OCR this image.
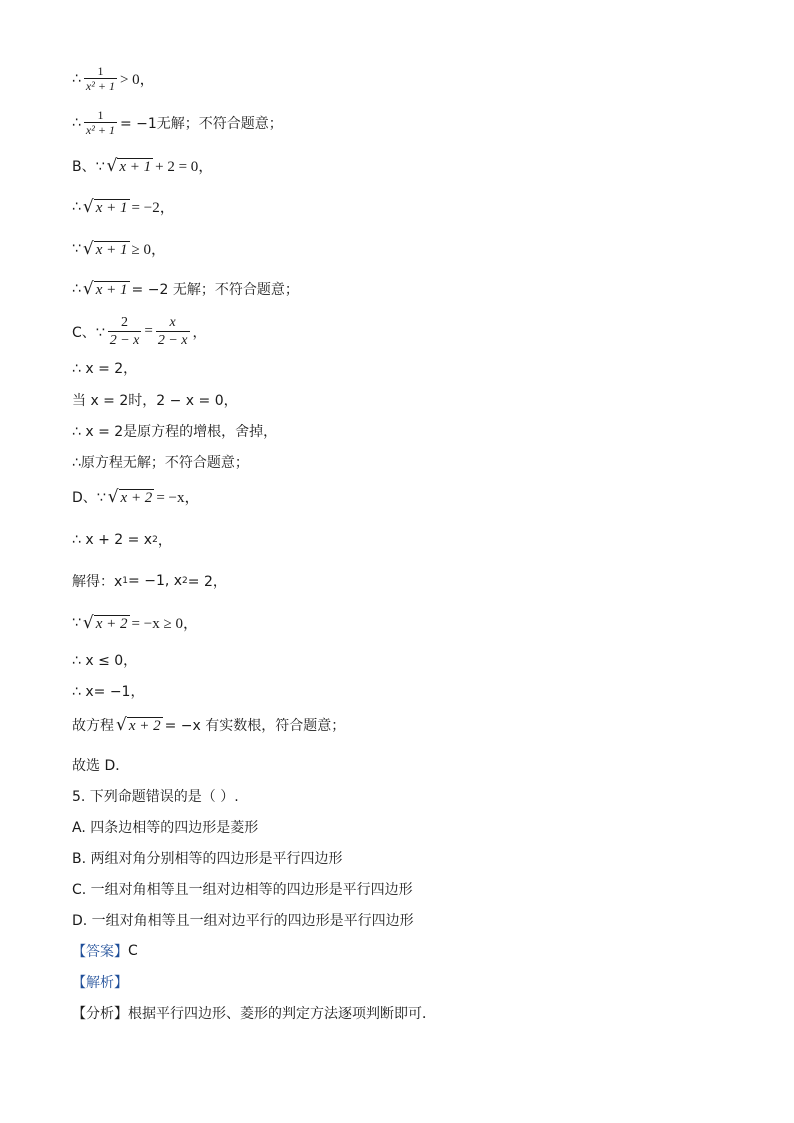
∴ $\frac{1}{\text{x² + 1}} > 0$，
∴ $\frac{1}{\text{x² + 1}} = -1$无解；不符合题意；
B、∵ √ x + 1 + 2 = 0，
∴ √ x + 1 = −2，
∵ √ x + 1 ≥ 0，
∴ √ x + 1 = −2 无解；不符合题意；
C、∵ $\frac{2}{2 - x} = \frac{x}{2 - x}$ ，
∴ x = 2，
当 x = 2时，2 − x = 0，
∴ x = 2是原方程的增根，舍掉，
∴原方程无解；不符合题意；
D、∵ √ x + 2 = −x，
∴ x + 2 = x 2 ，
解得：x 1 = −1, x 2 = 2，
∵ √ x + 2 = −x ≥ 0，
∴ x ≤ 0，
∴ x= −1，
故方程 √ x + 2 = −x 有实数根，符合题意；
故选 D．
5. 下列命题错误的是（ ）.
A. 四条边相等的四边形是菱形
B. 两组对角分别相等的四边形是平行四边形
C. 一组对角相等且一组对边相等的四边形是平行四边形
D. 一组对角相等且一组对边平行的四边形是平行四边形
【答案】 C
【解析】
【分析】 根据平行四边形、菱形的判定方法逐项判断即可．
